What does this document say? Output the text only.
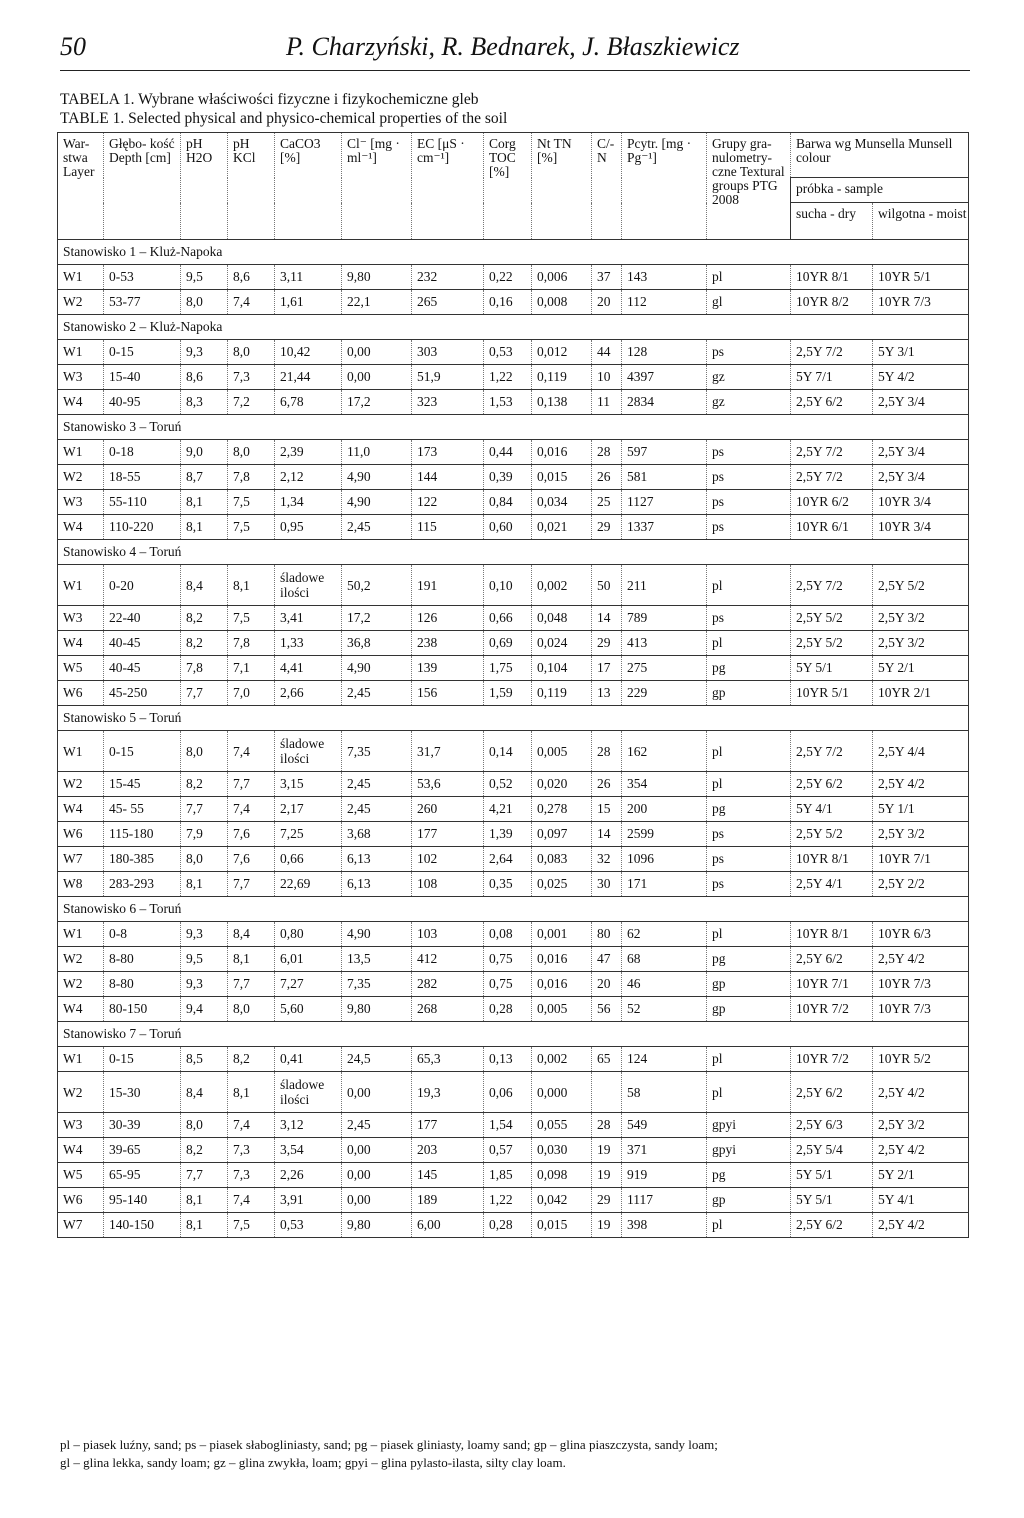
50	P. Charzyński, R. Bednarek, J. Błaszkiewicz
TABELA 1. Wybrane właściwości fizyczne i fizykochemiczne gleb
TABLE 1. Selected physical and physico-chemical properties of the soil
War- stwa Layer	Głębo- kość Depth [cm]	pH H2O	pH KCl	CaCO3 [%]	Cl⁻ [mg · ml⁻¹]	EC [μS · cm⁻¹]	Corg TOC [%]	Nt TN [%]	C/- N	Pcytr. [mg · Pg⁻¹]	Grupy gra- nulometry- czne Textural groups PTG 2008	Barwa wg Munsella Munsell colour	
												próbka - sample	
												sucha - dry	wilgotna - moist
Stanowisko 1 – Kluż-Napoka													
W1	0-53	9,5	8,6	3,11	9,80	232	0,22	0,006	37	143	pl	10YR 8/1	10YR 5/1
W2	53-77	8,0	7,4	1,61	22,1	265	0,16	0,008	20	112	gl	10YR 8/2	10YR 7/3
Stanowisko 2 – Kluż-Napoka													
W1	0-15	9,3	8,0	10,42	0,00	303	0,53	0,012	44	128	ps	2,5Y 7/2	5Y 3/1
W3	15-40	8,6	7,3	21,44	0,00	51,9	1,22	0,119	10	4397	gz	5Y 7/1	5Y 4/2
W4	40-95	8,3	7,2	6,78	17,2	323	1,53	0,138	11	2834	gz	2,5Y 6/2	2,5Y 3/4
Stanowisko 3 – Toruń													
W1	0-18	9,0	8,0	2,39	11,0	173	0,44	0,016	28	597	ps	2,5Y 7/2	2,5Y 3/4
W2	18-55	8,7	7,8	2,12	4,90	144	0,39	0,015	26	581	ps	2,5Y 7/2	2,5Y 3/4
W3	55-110	8,1	7,5	1,34	4,90	122	0,84	0,034	25	1127	ps	10YR 6/2	10YR 3/4
W4	110-220	8,1	7,5	0,95	2,45	115	0,60	0,021	29	1337	ps	10YR 6/1	10YR 3/4
Stanowisko 4 – Toruń													
W1	0-20	8,4	8,1	śladowe ilości	50,2	191	0,10	0,002	50	211	pl	2,5Y 7/2	2,5Y 5/2
W3	22-40	8,2	7,5	3,41	17,2	126	0,66	0,048	14	789	ps	2,5Y 5/2	2,5Y 3/2
W4	40-45	8,2	7,8	1,33	36,8	238	0,69	0,024	29	413	pl	2,5Y 5/2	2,5Y 3/2
W5	40-45	7,8	7,1	4,41	4,90	139	1,75	0,104	17	275	pg	5Y 5/1	5Y 2/1
W6	45-250	7,7	7,0	2,66	2,45	156	1,59	0,119	13	229	gp	10YR 5/1	10YR 2/1
Stanowisko 5 – Toruń													
W1	0-15	8,0	7,4	śladowe ilości	7,35	31,7	0,14	0,005	28	162	pl	2,5Y 7/2	2,5Y 4/4
W2	15-45	8,2	7,7	3,15	2,45	53,6	0,52	0,020	26	354	pl	2,5Y 6/2	2,5Y 4/2
W4	45- 55	7,7	7,4	2,17	2,45	260	4,21	0,278	15	200	pg	5Y 4/1	5Y 1/1
W6	115-180	7,9	7,6	7,25	3,68	177	1,39	0,097	14	2599	ps	2,5Y 5/2	2,5Y 3/2
W7	180-385	8,0	7,6	0,66	6,13	102	2,64	0,083	32	1096	ps	10YR 8/1	10YR 7/1
W8	283-293	8,1	7,7	22,69	6,13	108	0,35	0,025	30	171	ps	2,5Y 4/1	2,5Y 2/2
Stanowisko 6 – Toruń													
W1	0-8	9,3	8,4	0,80	4,90	103	0,08	0,001	80	62	pl	10YR 8/1	10YR 6/3
W2	8-80	9,5	8,1	6,01	13,5	412	0,75	0,016	47	68	pg	2,5Y 6/2	2,5Y 4/2
W2	8-80	9,3	7,7	7,27	7,35	282	0,75	0,016	20	46	gp	10YR 7/1	10YR 7/3
W4	80-150	9,4	8,0	5,60	9,80	268	0,28	0,005	56	52	gp	10YR 7/2	10YR 7/3
Stanowisko 7 – Toruń													
W1	0-15	8,5	8,2	0,41	24,5	65,3	0,13	0,002	65	124	pl	10YR 7/2	10YR 5/2
W2	15-30	8,4	8,1	śladowe ilości	0,00	19,3	0,06	0,000		58	pl	2,5Y 6/2	2,5Y 4/2
W3	30-39	8,0	7,4	3,12	2,45	177	1,54	0,055	28	549	gpyi	2,5Y 6/3	2,5Y 3/2
W4	39-65	8,2	7,3	3,54	0,00	203	0,57	0,030	19	371	gpyi	2,5Y 5/4	2,5Y 4/2
W5	65-95	7,7	7,3	2,26	0,00	145	1,85	0,098	19	919	pg	5Y 5/1	5Y 2/1
W6	95-140	8,1	7,4	3,91	0,00	189	1,22	0,042	29	1117	gp	5Y 5/1	5Y 4/1
W7	140-150	8,1	7,5	0,53	9,80	6,00	0,28	0,015	19	398	pl	2,5Y 6/2	2,5Y 4/2
pl – piasek luźny, sand; ps – piasek słabogliniasty, sand; pg – piasek gliniasty, loamy sand; gp – glina piaszczysta, sandy loam;
gl – glina lekka, sandy loam; gz – glina zwykła, loam; gpyi – glina pylasto-ilasta, silty clay loam.
